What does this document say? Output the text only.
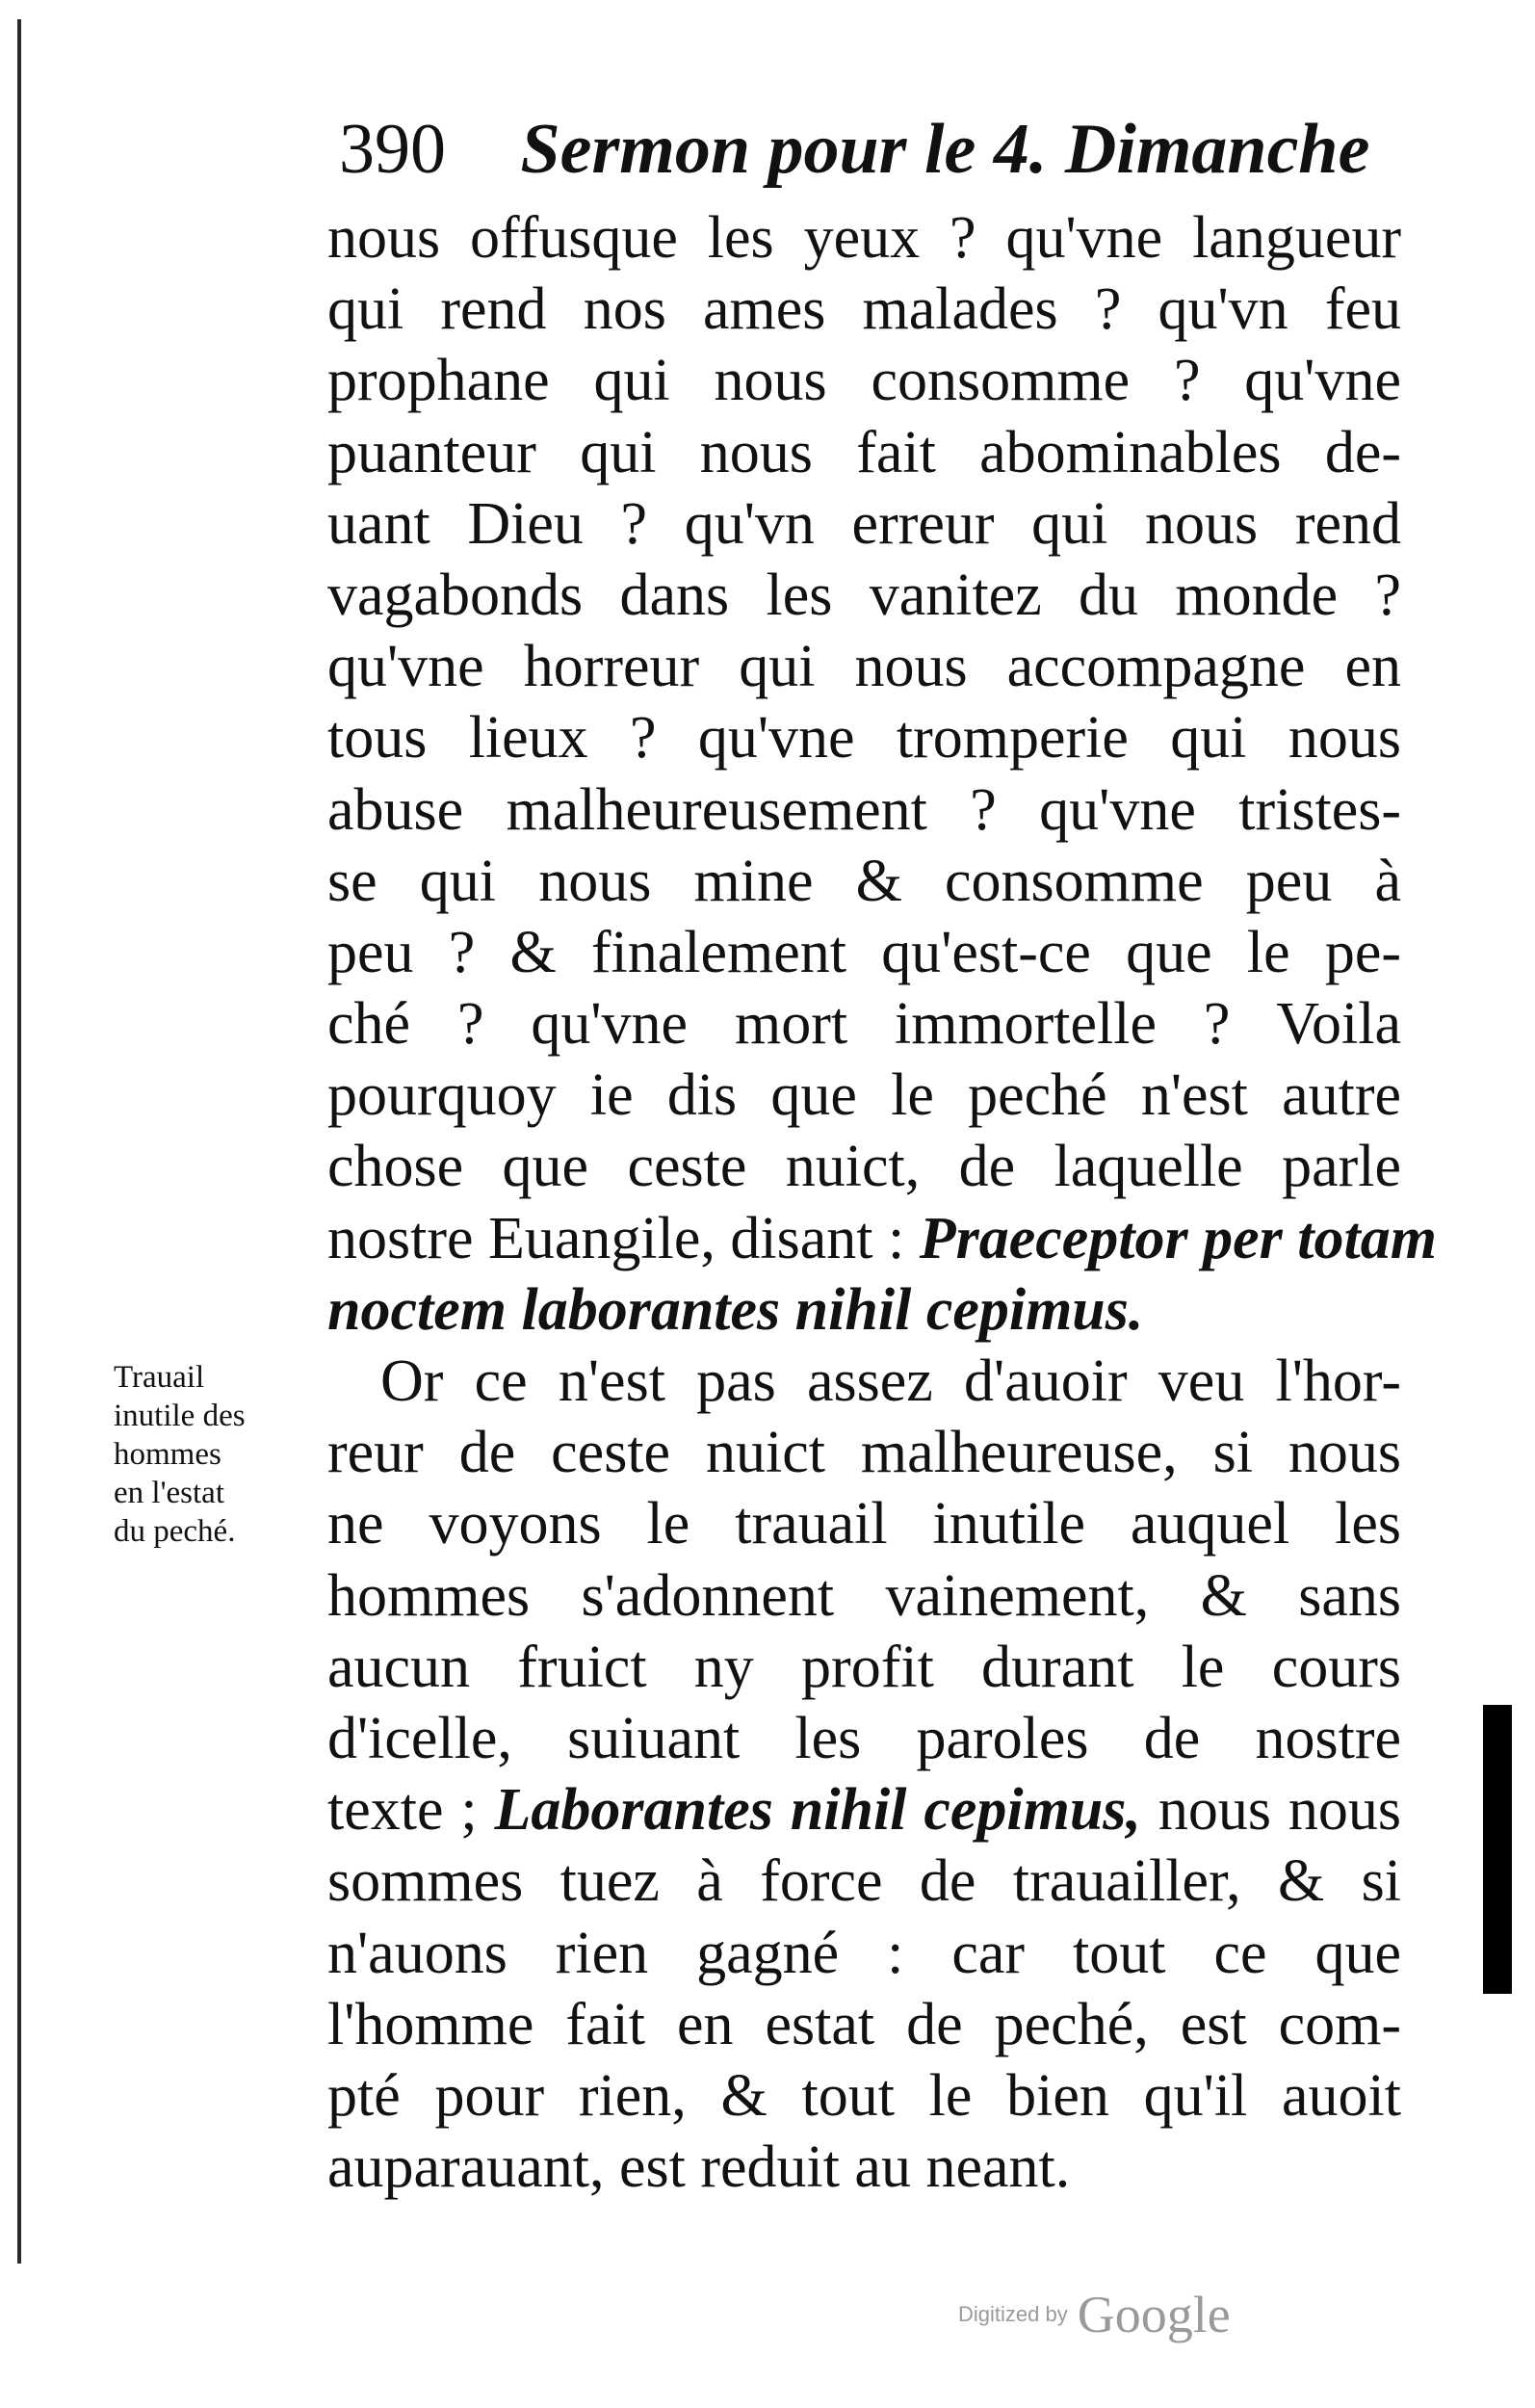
390 Sermon pour le 4. Dimanche
nous offusque les yeux ? qu'vne langueur
qui rend nos ames malades ? qu'vn feu
prophane qui nous consomme ? qu'vne
puanteur qui nous fait abominables de-
uant Dieu ? qu'vn erreur qui nous rend
vagabonds dans les vanitez du monde ?
qu'vne horreur qui nous accompagne en
tous lieux ? qu'vne tromperie qui nous
abuse malheureusement ? qu'vne tristes-
se qui nous mine & consomme peu à
peu ? & finalement qu'est-ce que le pe-
ché ? qu'vne mort immortelle ? Voila
pourquoy ie dis que le peché n'est autre
chose que ceste nuict, de laquelle parle
nostre Euangile, disant : Praeceptor per totam
noctem laborantes nihil cepimus.
Or ce n'est pas assez d'auoir veu l'hor-
reur de ceste nuict malheureuse, si nous
ne voyons le trauail inutile auquel les
hommes s'adonnent vainement, & sans
aucun fruict ny profit durant le cours
d'icelle, suiuant les paroles de nostre
texte ; Laborantes nihil cepimus, nous nous
sommes tuez à force de trauailler, & si
n'auons rien gagné : car tout ce que
l'homme fait en estat de peché, est com-
pté pour rien, & tout le bien qu'il auoit
auparauant, est reduit au neant.
Trauail
inutile des
hommes
en l'estat
du peché.
Digitized by Google
